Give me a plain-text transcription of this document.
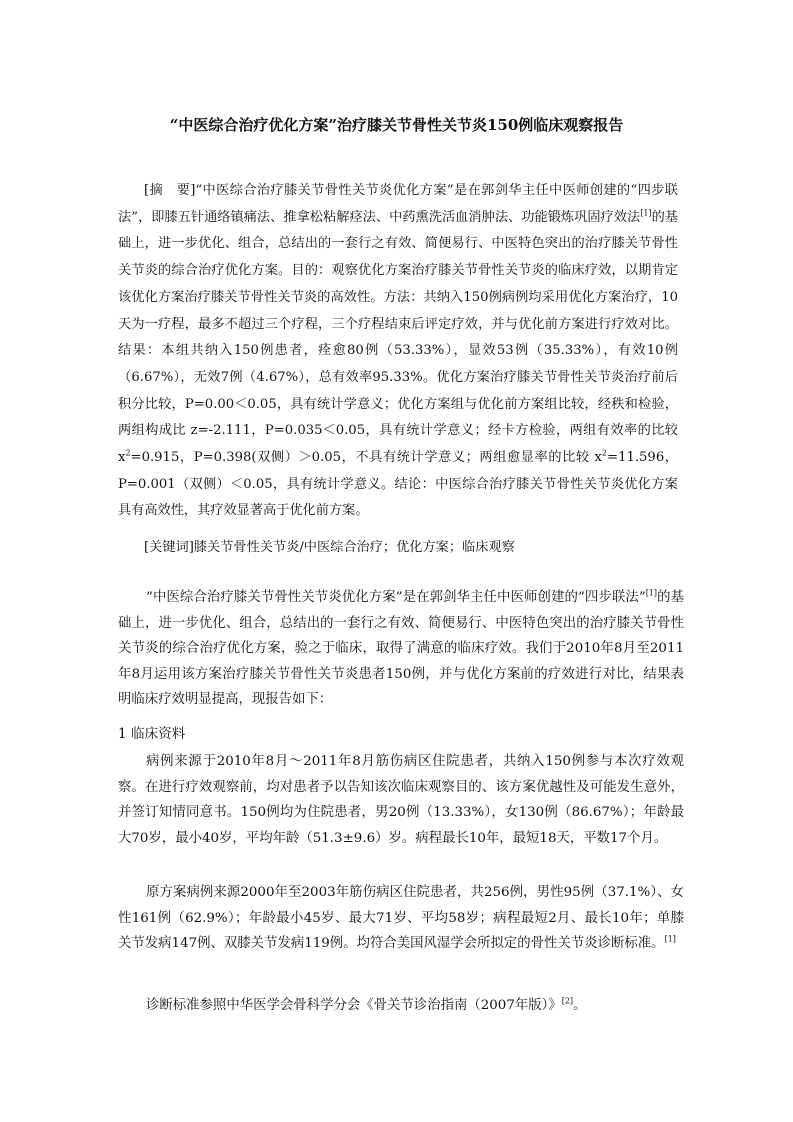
“中医综合治疗优化方案”治疗膝关节骨性关节炎150例临床观察报告
[摘　要]“中医综合治疗膝关节骨性关节炎优化方案”是在郭剑华主任中医师创建的“四步联法”，即膝五针通络镇痛法、推拿松粘解痉法、中药熏洗活血消肿法、功能锻炼巩固疗效法[1]的基础上，进一步优化、组合，总结出的一套行之有效、简便易行、中医特色突出的治疗膝关节骨性关节炎的综合治疗优化方案。目的：观察优化方案治疗膝关节骨性关节炎的临床疗效，以期肯定该优化方案治疗膝关节骨性关节炎的高效性。方法：共纳入150例病例均采用优化方案治疗，10天为一疗程，最多不超过三个疗程，三个疗程结束后评定疗效，并与优化前方案进行疗效对比。结果：本组共纳入150例患者，痊愈80例（53.33%），显效53例（35.33%），有效10例（6.67%），无效7例（4.67%），总有效率95.33%。优化方案治疗膝关节骨性关节炎治疗前后积分比较，P=0.00＜0.05，具有统计学意义；优化方案组与优化前方案组比较，经秩和检验，两组构成比 z=-2.111，P=0.035＜0.05，具有统计学意义；经卡方检验，两组有效率的比较 $x^2=0.915$，P=0.398(双侧）＞0.05，不具有统计学意义；两组愈显率的比较 $x^2=11.596$，P=0.001（双侧）＜0.05，具有统计学意义。结论：中医综合治疗膝关节骨性关节炎优化方案具有高效性，其疗效显著高于优化前方案。
[关键词]膝关节骨性关节炎/中医综合治疗；优化方案；临床观察
“中医综合治疗膝关节骨性关节炎优化方案”是在郭剑华主任中医师创建的“四步联法”[1]的基础上，进一步优化、组合，总结出的一套行之有效、简便易行、中医特色突出的治疗膝关节骨性关节炎的综合治疗优化方案，验之于临床，取得了满意的临床疗效。我们于2010年8月至2011年8月运用该方案治疗膝关节骨性关节炎患者150例，并与优化方案前的疗效进行对比，结果表明临床疗效明显提高，现报告如下：
1 临床资料
病例来源于2010年8月～2011年8月筋伤病区住院患者，共纳入150例参与本次疗效观察。在进行疗效观察前，均对患者予以告知该次临床观察目的、该方案优越性及可能发生意外，并签订知情同意书。150例均为住院患者，男20例（13.33%），女130例（86.67%）；年龄最大70岁，最小40岁，平均年龄（51.3±9.6）岁。病程最长10年，最短18天，平数17个月。
原方案病例来源2000年至2003年筋伤病区住院患者，共256例，男性95例（37.1%）、女性161例（62.9%）；年龄最小45岁、最大71岁、平均58岁；病程最短2月、最长10年；单膝关节发病147例、双膝关节发病119例。均符合美国风湿学会所拟定的骨性关节炎诊断标准。[1]
诊断标准参照中华医学会骨科学分会《骨关节诊治指南（2007年版）》[2]。
